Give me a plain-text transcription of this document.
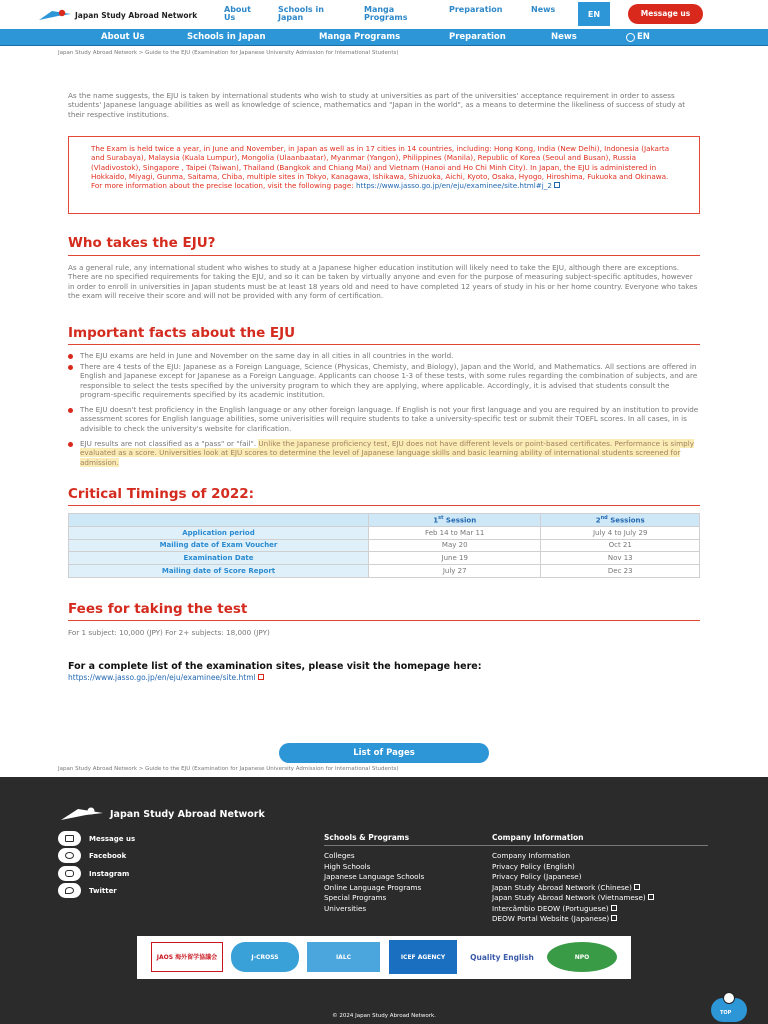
Japan Study Abroad Network
About Us
Schools in Japan
Manga Programs
Preparation	News	EN	Message us
About Us	Schools in Japan	Manga Programs	Preparation	News	EN
Japan Study Abroad Network > Guide to the EJU (Examination for Japanese University Admission for International Students)

As the name suggests, the EJU is taken by international students who wish to study at universities as part of the universities' acceptance requirement in order to assess students' Japanese language abilities as well as knowledge of science, mathematics and "Japan in the world", as a means to determine the likeliness of success of study at their respective institutions.

The Exam is held twice a year, in June and November, in Japan as well as in 17 cities in 14 countries, including: Hong Kong, India (New Delhi), Indonesia (Jakarta and Surabaya), Malaysia (Kuala Lumpur), Mongolia (Ulaanbaatar), Myanmar (Yangon), Philippines (Manila), Republic of Korea (Seoul and Busan), Russia (Vladivostok), Singapore , Taipei (Taiwan), Thailand (Bangkok and Chiang Mai) and Vietnam (Hanoi and Ho Chi Minh City). In Japan, the EJU is administered in Hokkaido, Miyagi, Gunma, Saitama, Chiba, multiple sites in Tokyo, Kanagawa, Ishikawa, Shizuoka, Aichi, Kyoto, Osaka, Hyogo, Hiroshima, Fukuoka and Okinawa. For more information about the precise location, visit the following page: https://www.jasso.go.jp/en/eju/examinee/site.html#j_2
Who takes the EJU?

As a general rule, any international student who wishes to study at a Japanese higher education institution will likely need to take the EJU, although there are exceptions. There are no specified requirements for taking the EJU, and so it can be taken by virtually anyone and even for the purpose of measuring subject-specific aptitudes, however in order to enroll in universities in Japan students must be at least 18 years old and need to have completed 12 years of study in his or her home country. Everyone who takes the exam will receive their score and will not be provided with any form of certification.

Important facts about the EJU
The EJU exams are held in June and November on the same day in all cities in all countries in the world.
There are 4 tests of the EJU: Japanese as a Foreign Language, Science (Physicas, Chemisty, and Biology), Japan and the World, and Mathematics. All sections are offered in English and Japanese except for Japanese as a Foreign Language. Applicants can choose 1-3 of these tests, with some rules regarding the combination of subjects, and are responsible to select the tests specified by the university program to which they are applying, where applicable. Accordingly, it is advised that students consult the program-specific requirements specified by its academic institution.
The EJU doesn't test proficiency in the English language or any other foreign language. If English is not your first language and you are required by an institution to provide assessment scores for English language abilities, some univerisities will require students to take a university-specific test or submit their TOEFL scores. In all cases, in is advisible to check the university's website for clarification.
EJU results are not classified as a "pass" or "fail". Unlike the Japanese proficiency test, EJU does not have different levels or point-based certificates. Performance is simply evaluated as a score. Universities look at EJU scores to determine the level of Japanese language skills and basic learning ability of international students screened for admission.
Critical Timings of 2022:
	1st Session	2nd Sessions
Application period	Feb 14 to Mar 11	July 4 to July 29
Mailing date of Exam Voucher	May 20	Oct 21
Examination Date	June 19	Nov 13
Mailing date of Score Report	July 27	Dec 23
Fees for taking the test

For 1 subject: 10,000 (JPY) For 2+ subjects: 18,000 (JPY)

For a complete list of the examination sites, please visit the homepage here:

https://www.jasso.go.jp/en/eju/examinee/site.html
List of Pages
Japan Study Abroad Network > Guide to the EJU (Examination for Japanese University Admission for International Students)
Japan Study Abroad Network
Message us
Facebook
Instagram
Twitter
Schools & Programs
Colleges
High Schools
Japanese Language Schools
Online Language Programs
Special Programs
Universities
Company Information
Company Information
Privacy Policy (English)
Privacy Policy (Japanese)
Japan Study Abroad Network (Chinese)
Japan Study Abroad Network (Vietnamese)
Intercâmbio DEOW (Portuguese)
DEOW Portal Website (Japanese)
JAOS 海外留学協議会	J-CROSS	IALC	ICEF AGENCY	Quality English	NPO
© 2024 Japan Study Abroad Network.	TOP
